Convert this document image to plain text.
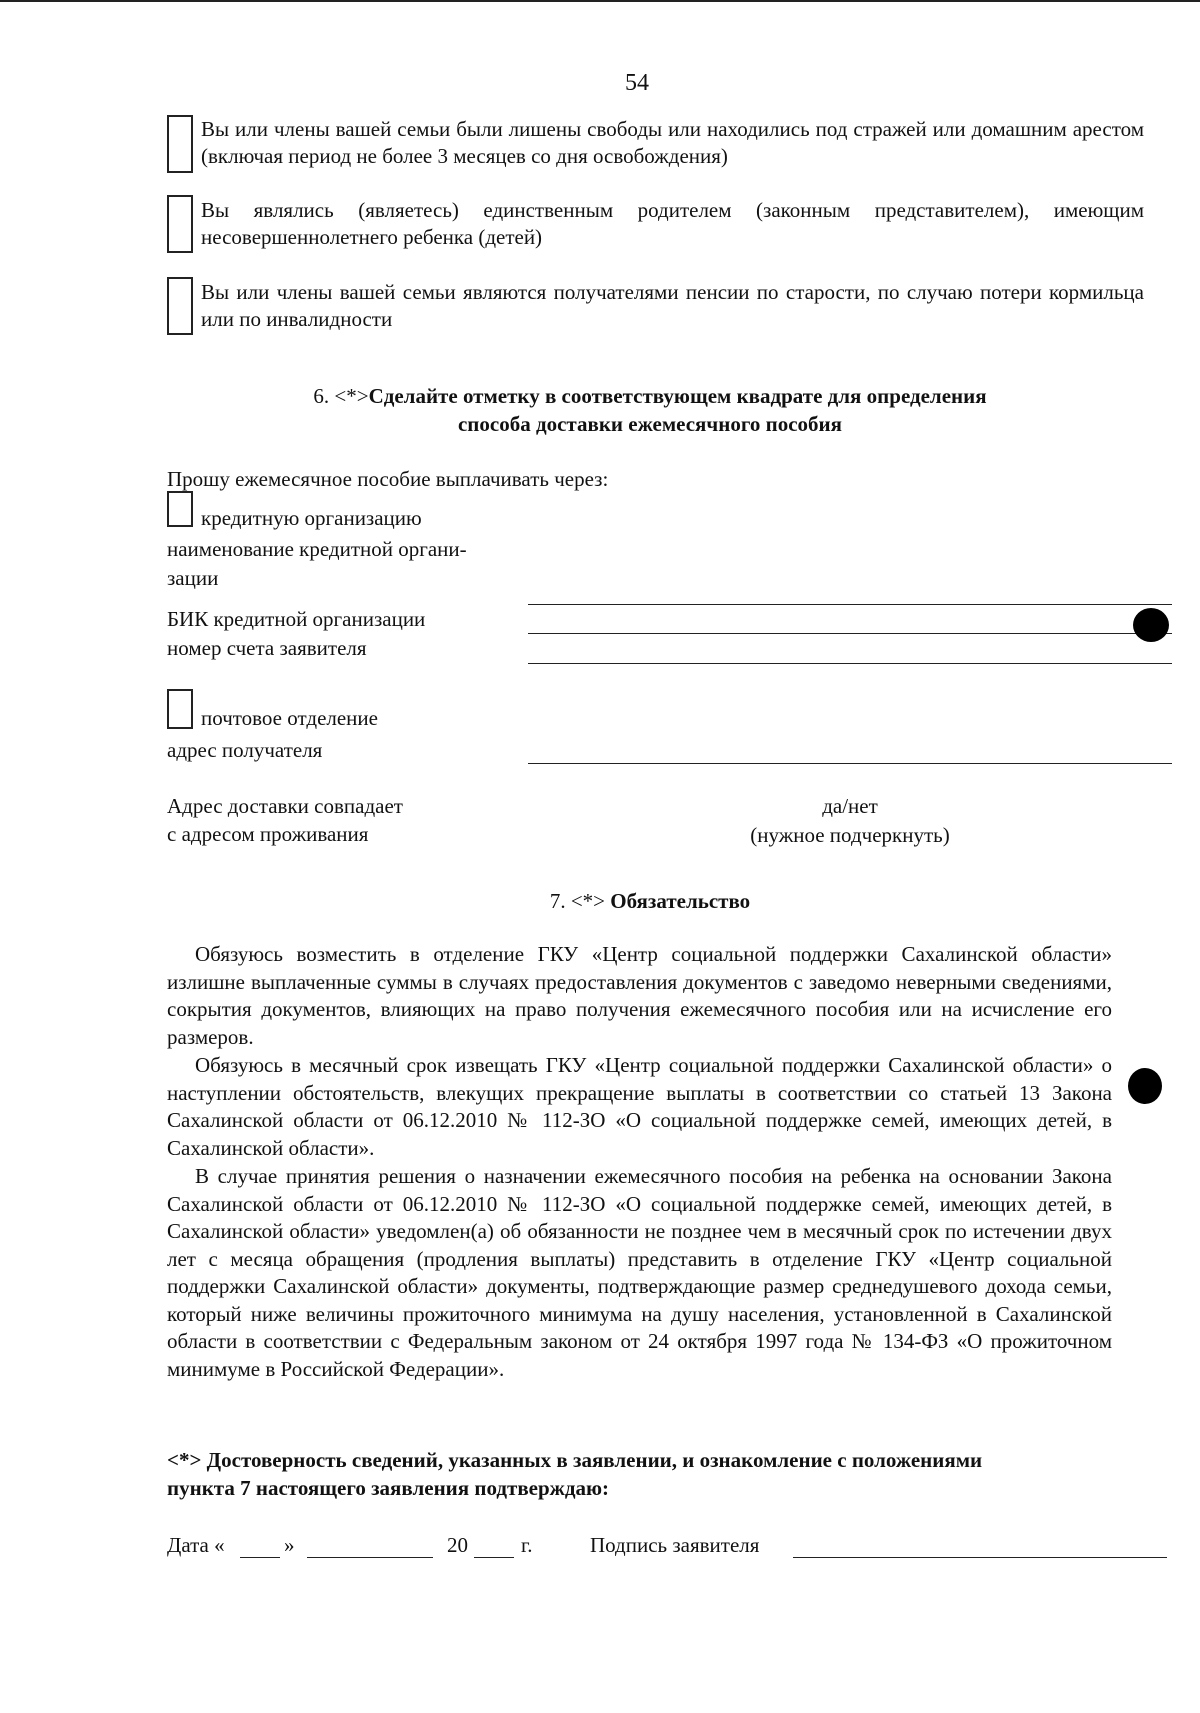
54
Вы или члены вашей семьи были лишены свободы или находились под стражей или домашним арестом (включая период не более 3 месяцев со дня освобождения)
Вы являлись (являетесь) единственным родителем (законным представителем), имеющим несовершеннолетнего ребенка (детей)
Вы или члены вашей семьи являются получателями пенсии по старости, по случаю потери кормильца или по инвалидности
6. <*>Сделайте отметку в соответствующем квадрате для определения
способа доставки ежемесячного пособия
Прошу ежемесячное пособие выплачивать через:
кредитную организацию
наименование кредитной органи-
зации
БИК кредитной организации
номер счета заявителя
почтовое отделение
адрес получателя
Адрес доставки совпадает
с адресом проживания
да/нет
(нужное подчеркнуть)
7. <*> Обязательство

Обязуюсь возместить в отделение ГКУ «Центр социальной поддержки Сахалинской области» излишне выплаченные суммы в случаях предоставления документов с заведомо неверными сведениями, сокрытия документов, влияющих на право получения ежемесячного пособия или на исчисление его размеров.

Обязуюсь в месячный срок извещать ГКУ «Центр социальной поддержки Сахалинской области» о наступлении обстоятельств, влекущих прекращение выплаты в соответствии со статьей 13 Закона Сахалинской области от 06.12.2010 № 112-ЗО «О социальной поддержке семей, имеющих детей, в Сахалинской области».

В случае принятия решения о назначении ежемесячного пособия на ребенка на основании Закона Сахалинской области от 06.12.2010 № 112-ЗО «О социальной поддержке семей, имеющих детей, в Сахалинской области» уведомлен(а) об обязанности не позднее чем в месячный срок по истечении двух лет с месяца обращения (продления выплаты) представить в отделение ГКУ «Центр социальной поддержки Сахалинской области» документы, подтверждающие размер среднедушевого дохода семьи, который ниже величины прожиточного минимума на душу населения, установленной в Сахалинской области в соответствии с Федеральным законом от 24 октября 1997 года № 134-ФЗ «О прожиточном минимуме в Российской Федерации».

<*> Достоверность сведений, указанных в заявлении, и ознакомление с положениями
пункта 7 настоящего заявления подтверждаю:
Дата «	»	20	г.	Подпись заявителя
